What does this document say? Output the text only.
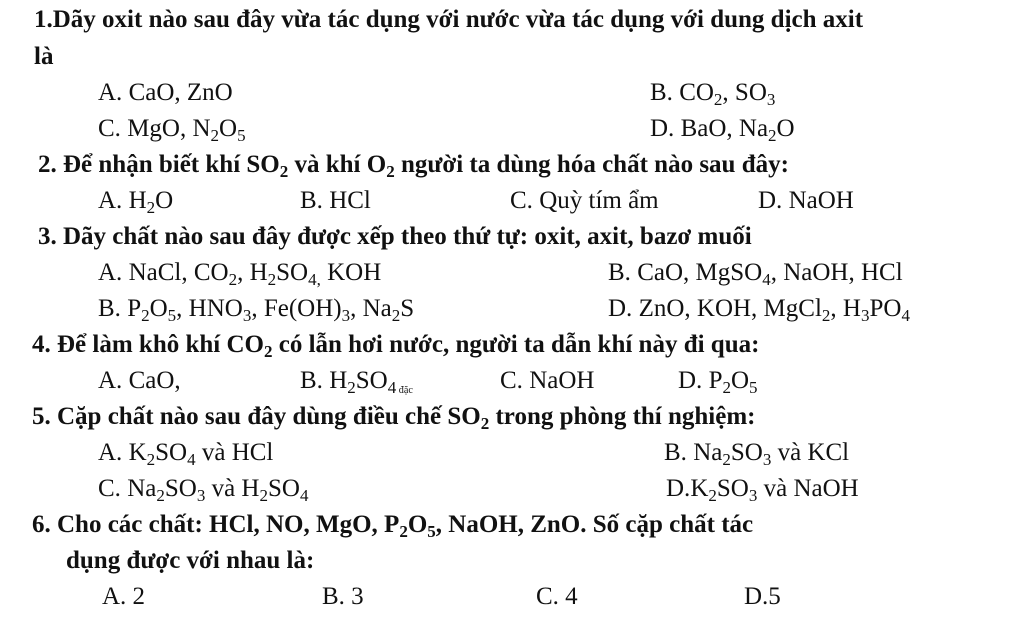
1.Dãy oxit nào sau đây vừa tác dụng với nước vừa tác dụng với dung dịch axit
là
A. CaO, ZnO	B. $CO_2$, $SO_3$
C. MgO, $N_2O_5$	D. BaO, $Na_2O$
2. Để nhận biết khí $SO_2$ và khí $O_2$ người ta dùng hóa chất nào sau đây:
A. $H_2O$	B. HCl	C. Quỳ tím ẩm	D. NaOH
3. Dãy chất nào sau đây được xếp theo thứ tự: oxit, axit, bazơ muối
A. NaCl, $CO_2$, $H_2SO_{4,}$ KOH	B. CaO, MgSO$_4$, NaOH, HCl
B. $P_2O_5$, $HNO_3$, $Fe(OH)_3$, $Na_2S$	D. ZnO, KOH, MgCl$_2$, $H_3PO_4$
4. Để làm khô khí $CO_2$ có lẫn hơi nước, người ta dẫn khí này đi qua:
A. CaO,	B. $H_2SO_{4 đặc}$	C. NaOH	D. $P_2O_5$
5. Cặp chất nào sau đây dùng điều chế $SO_2$ trong phòng thí nghiệm:
A. $K_2SO_4$ và HCl	B. $Na_2SO_3$ và KCl
C. $Na_2SO_3$ và $H_2SO_4$	$D.K_2SO_3$ và NaOH
6. Cho các chất: HCl, NO, MgO, $P_2O_5$, NaOH, ZnO. Số cặp chất tác
dụng được với nhau là:
A. 2	B. 3	C. 4	D.5
